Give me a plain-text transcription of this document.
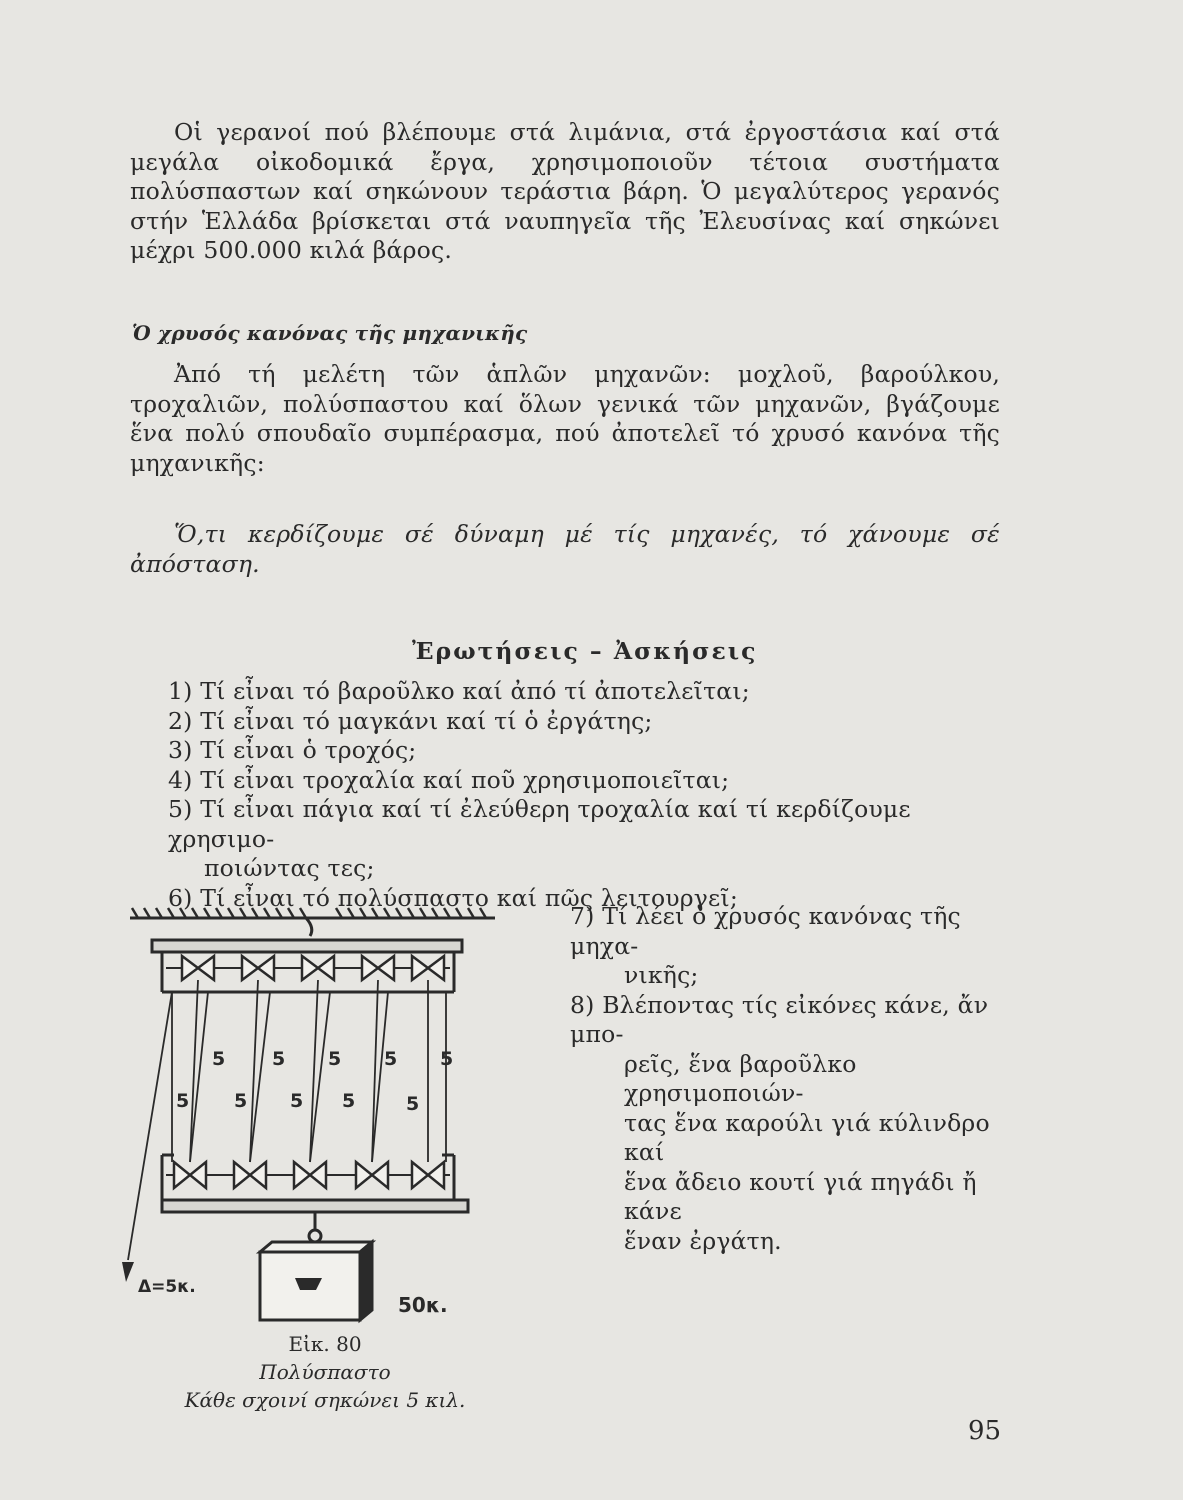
Οἱ γερανοί πού βλέπουμε στά λιμάνια, στά ἐργοστάσια καί στά μεγάλα οἰκοδομικά ἔργα, χρησιμοποιοῦν τέτοια συστήματα πολύσπαστων καί σηκώνουν τεράστια βάρη. Ὁ μεγαλύτερος γερανός στήν Ἑλλάδα βρίσκεται στά ναυπηγεῖα τῆς Ἐλευσίνας καί σηκώνει μέχρι 500.000 κιλά βάρος.

Ὁ χρυσός κανόνας τῆς μηχανικῆς

Ἀπό τή μελέτη τῶν ἁπλῶν μηχανῶν: μοχλοῦ, βαρούλκου, τροχαλιῶν, πολύσπαστου καί ὅλων γενικά τῶν μηχανῶν, βγάζουμε ἕνα πολύ σπουδαῖο συμπέρασμα, πού ἀποτελεῖ τό χρυσό κανόνα τῆς μηχανικῆς:

Ὅ,τι κερδίζουμε σέ δύναμη μέ τίς μηχανές, τό χάνουμε σέ ἀπόσταση.

Ἐρωτήσεις – Ἀσκήσεις

1) Τί εἶναι τό βαροῦλκο καί ἀπό τί ἀποτελεῖται;

2) Τί εἶναι τό μαγκάνι καί τί ὁ ἐργάτης;

3) Τί εἶναι ὁ τροχός;

4) Τί εἶναι τροχαλία καί ποῦ χρησιμοποιεῖται;

5) Τί εἶναι πάγια καί τί ἐλεύθερη τροχαλία καί τί κερδίζουμε χρησιμο-

ποιώντας τες;

6) Τί εἶναι τό πολύσπαστο καί πῶς λειτουργεῖ;

7) Τί λέει ὁ χρυσός κανόνας τῆς μηχα-

νικῆς;

8) Βλέποντας τίς εἰκόνες κάνε, ἄν μπο-

ρεῖς, ἕνα βαροῦλκο χρησιμοποιών-

τας ἕνα καρούλι γιά κύλινδρο καί

ἕνα ἄδειο κουτί γιά πηγάδι ἤ κάνε

ἕναν ἐργάτη.

5 5 5 5 5
5 5 5 5	5
Δ=5κ.
50κ.
Εἰκ. 80
Πολύσπαστο
Κάθε σχοινί σηκώνει 5 κιλ.
95
